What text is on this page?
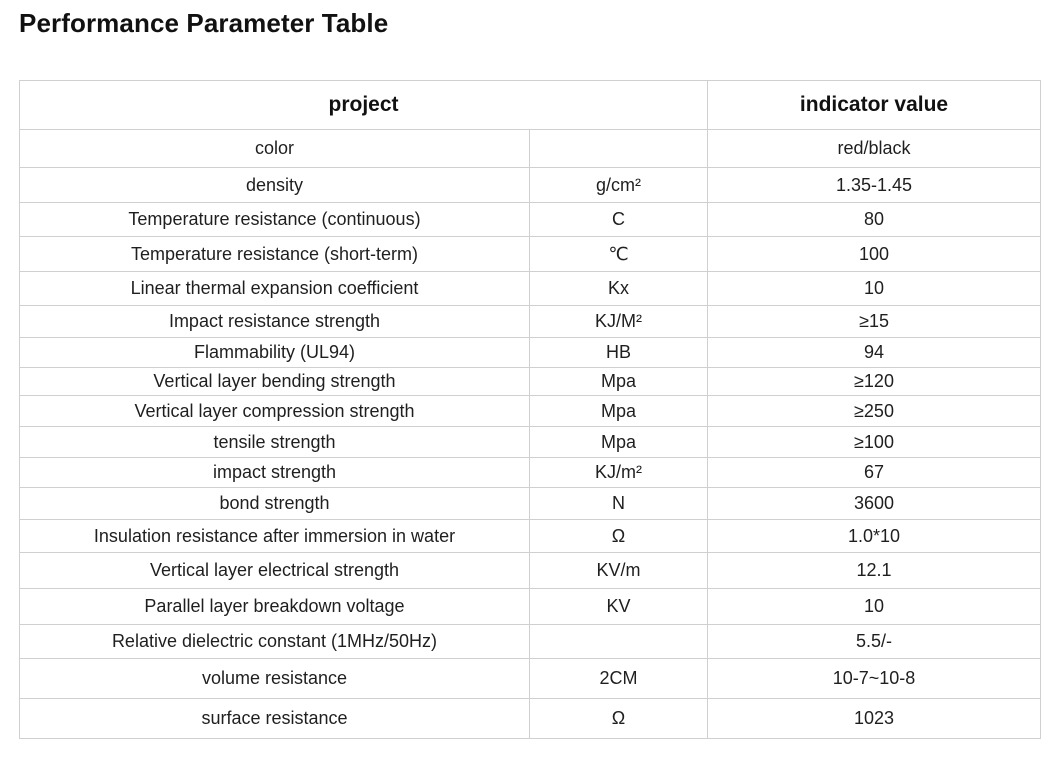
Performance Parameter Table
project		indicator value
color		red/black
density	g/cm²	1.35-1.45
Temperature resistance (continuous)	C	80
Temperature resistance (short-term)	℃	100
Linear thermal expansion coefficient	Kx	10
Impact resistance strength	KJ/M²	≥15
Flammability (UL94)	HB	94
Vertical layer bending strength	Mpa	≥120
Vertical layer compression strength	Mpa	≥250
tensile strength	Mpa	≥100
impact strength	KJ/m²	67
bond strength	N	3600
Insulation resistance after immersion in water	Ω	1.0*10
Vertical layer electrical strength	KV/m	12.1
Parallel layer breakdown voltage	KV	10
Relative dielectric constant (1MHz/50Hz)		5.5/-
volume resistance	2CM	10-7~10-8
surface resistance	Ω	1023
